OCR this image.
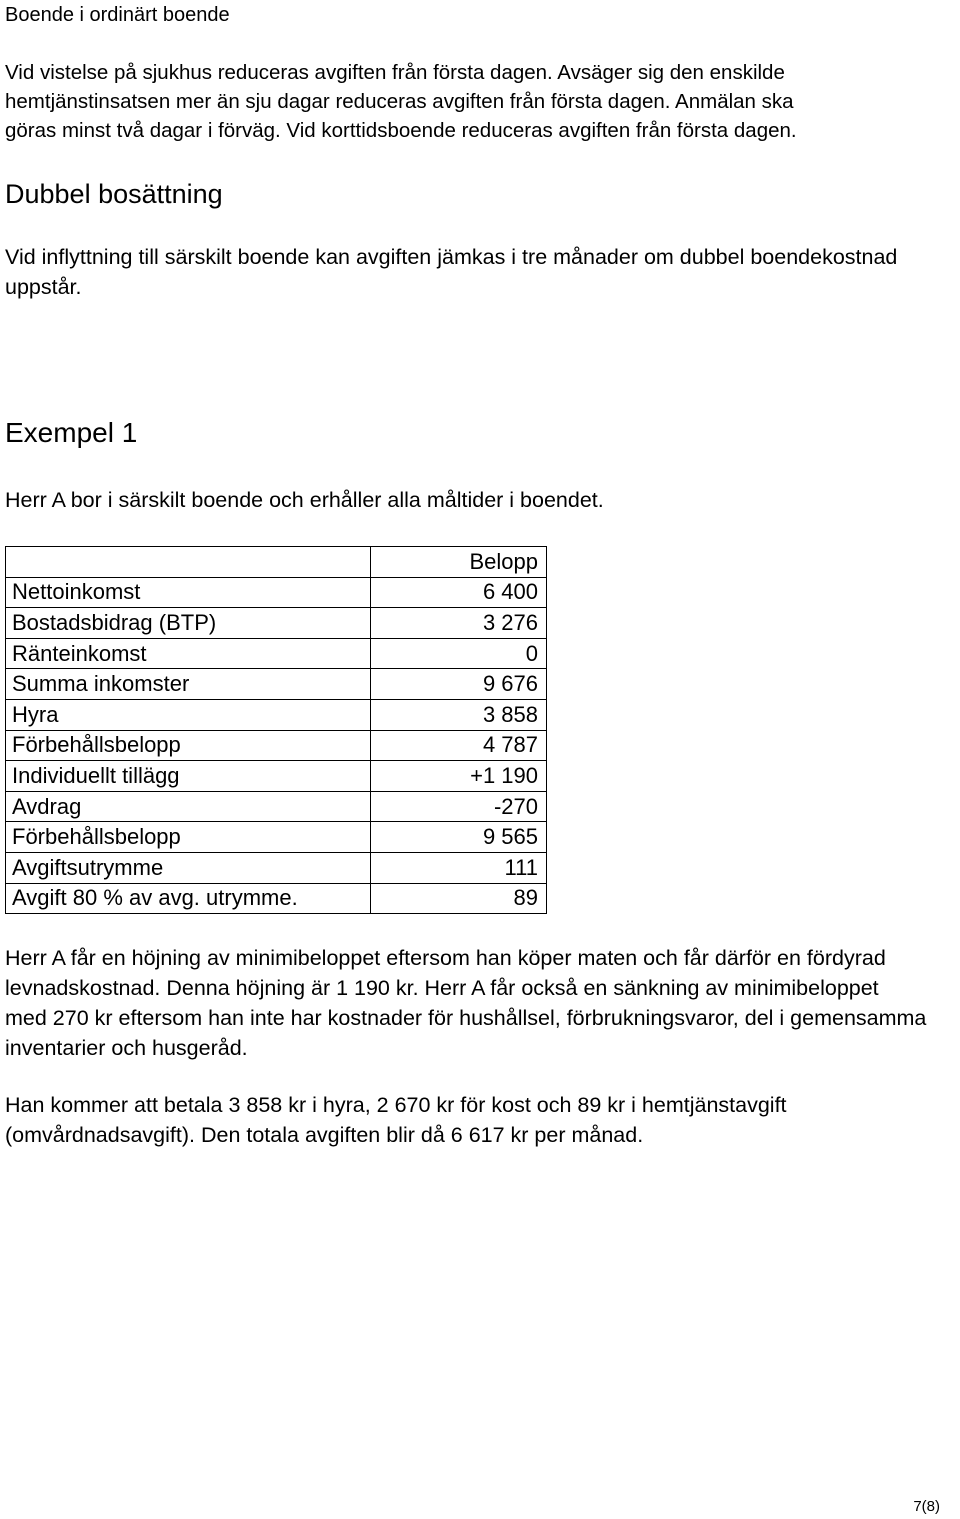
Boende i ordinärt boende
Vid vistelse på sjukhus reduceras avgiften från första dagen. Avsäger sig den enskilde
hemtjänstinsatsen mer än sju dagar reduceras avgiften från första dagen. Anmälan ska
göras minst två dagar i förväg. Vid korttidsboende reduceras avgiften från första dagen.
Dubbel bosättning
Vid inflyttning till särskilt boende kan avgiften jämkas i tre månader om dubbel boendekostnad
uppstår.
Exempel 1
Herr A bor i särskilt boende och erhåller alla måltider i boendet.
	Belopp
Nettoinkomst	6 400
Bostadsbidrag (BTP)	3 276
Ränteinkomst	0
Summa inkomster	9 676
Hyra	3 858
Förbehållsbelopp	4 787
Individuellt tillägg	+1 190
Avdrag	-270
Förbehållsbelopp	9 565
Avgiftsutrymme	111
Avgift 80 % av avg. utrymme.	89
Herr A får en höjning av minimibeloppet eftersom han köper maten och får därför en fördyrad
levnadskostnad. Denna höjning är 1 190 kr. Herr A får också en sänkning av minimibeloppet
med 270 kr eftersom han inte har kostnader för hushållsel, förbrukningsvaror, del i gemensamma
inventarier och husgeråd.
Han kommer att betala 3 858 kr i hyra, 2 670 kr för kost och 89 kr i hemtjänstavgift
(omvårdnadsavgift). Den totala avgiften blir då 6 617 kr per månad.
7(8)
